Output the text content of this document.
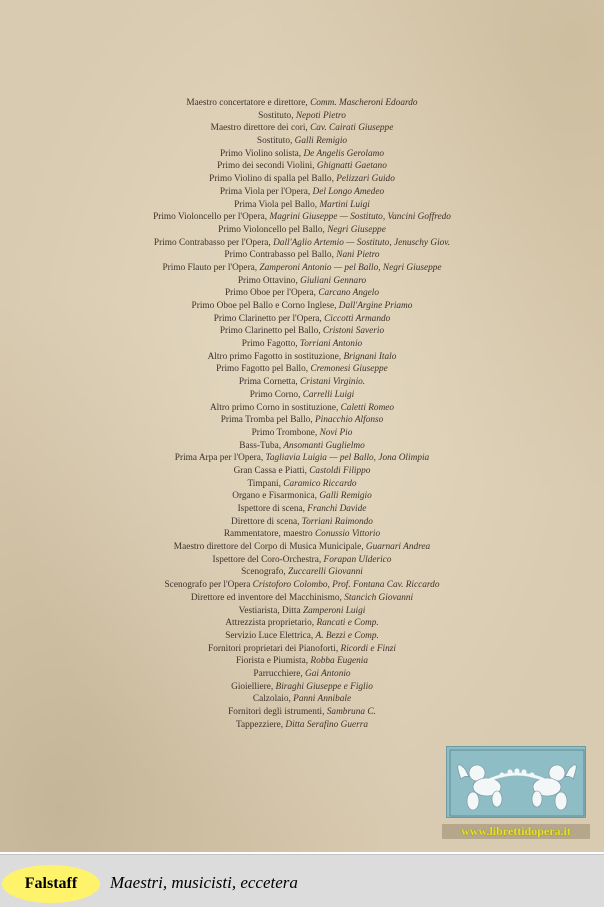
Maestro concertatore e direttore, Comm. Mascheroni Edoardo
Sostituto, Nepoti Pietro
Maestro direttore dei cori, Cav. Cairati Giuseppe
Sostituto, Galli Remigio
Primo Violino solista, De Angelis Gerolamo
Primo dei secondi Violini, Ghignatti Gaetano
Primo Violino di spalla pel Ballo, Pelizzari Guido
Prima Viola per l'Opera, Del Longo Amedeo
Prima Viola pel Ballo, Martini Luigi
Primo Violoncello per l'Opera, Magrini Giuseppe — Sostituto, Vancini Goffredo
Primo Violoncello pel Ballo, Negri Giuseppe
Primo Contrabasso per l'Opera, Dall'Aglio Artemio — Sostituto, Jenuschy Giov.
Primo Contrabasso pel Ballo, Nani Pietro
Primo Flauto per l'Opera, Zamperoni Antonio — pel Ballo, Negri Giuseppe
Primo Ottavino, Giuliani Gennaro
Primo Oboe per l'Opera, Carcano Angelo
Primo Oboe pel Ballo e Corno Inglese, Dall'Argine Priamo
Primo Clarinetto per l'Opera, Ciccotti Armando
Primo Clarinetto pel Ballo, Cristoni Saverio
Primo Fagotto, Torriani Antonio
Altro primo Fagotto in sostituzione, Brignani Italo
Primo Fagotto pel Ballo, Cremonesi Giuseppe
Prima Cornetta, Cristani Virginio.
Primo Corno, Carrelli Luigi
Altro primo Corno in sostituzione, Caletti Romeo
Prima Tromba pel Ballo, Pinacchio Alfonso
Primo Trombone, Novi Pio
Bass-Tuba, Ansomanti Guglielmo
Prima Arpa per l'Opera, Tagliavia Luigia — pel Ballo, Jona Olimpia
Gran Cassa e Piatti, Castoldi Filippo
Timpani, Caramico Riccardo
Organo e Fisarmonica, Galli Remigio
Ispettore di scena, Franchi Davide
Direttore di scena, Torriani Raimondo
Rammentatore, maestro Conussio Vittorio
Maestro direttore del Corpo di Musica Municipale, Guarnari Andrea
Ispettore del Coro-Orchestra, Forapan Ulderico
Scenografo, Zuccarelli Giovanni
Scenografo per l'Opera Cristoforo Colombo, Prof. Fontana Cav. Riccardo
Direttore ed inventore del Macchinismo, Stancich Giovanni
Vestiarista, Ditta Zamperoni Luigi
Attrezzista proprietario, Rancati e Comp.
Servizio Luce Elettrica, A. Bezzi e Comp.
Fornitori proprietari dei Pianoforti, Ricordi e Finzi
Fiorista e Piumista, Robba Eugenia
Parrucchiere, Gai Antonio
Gioielliere, Biraghi Giuseppe e Figlio
Calzolaio, Panni Annibale
Fornitori degli istrumenti, Sambruna C.
Tappezziere, Ditta Serafino Guerra
www.librettidopera.it
Falstaff	Maestri, musicisti, eccetera
